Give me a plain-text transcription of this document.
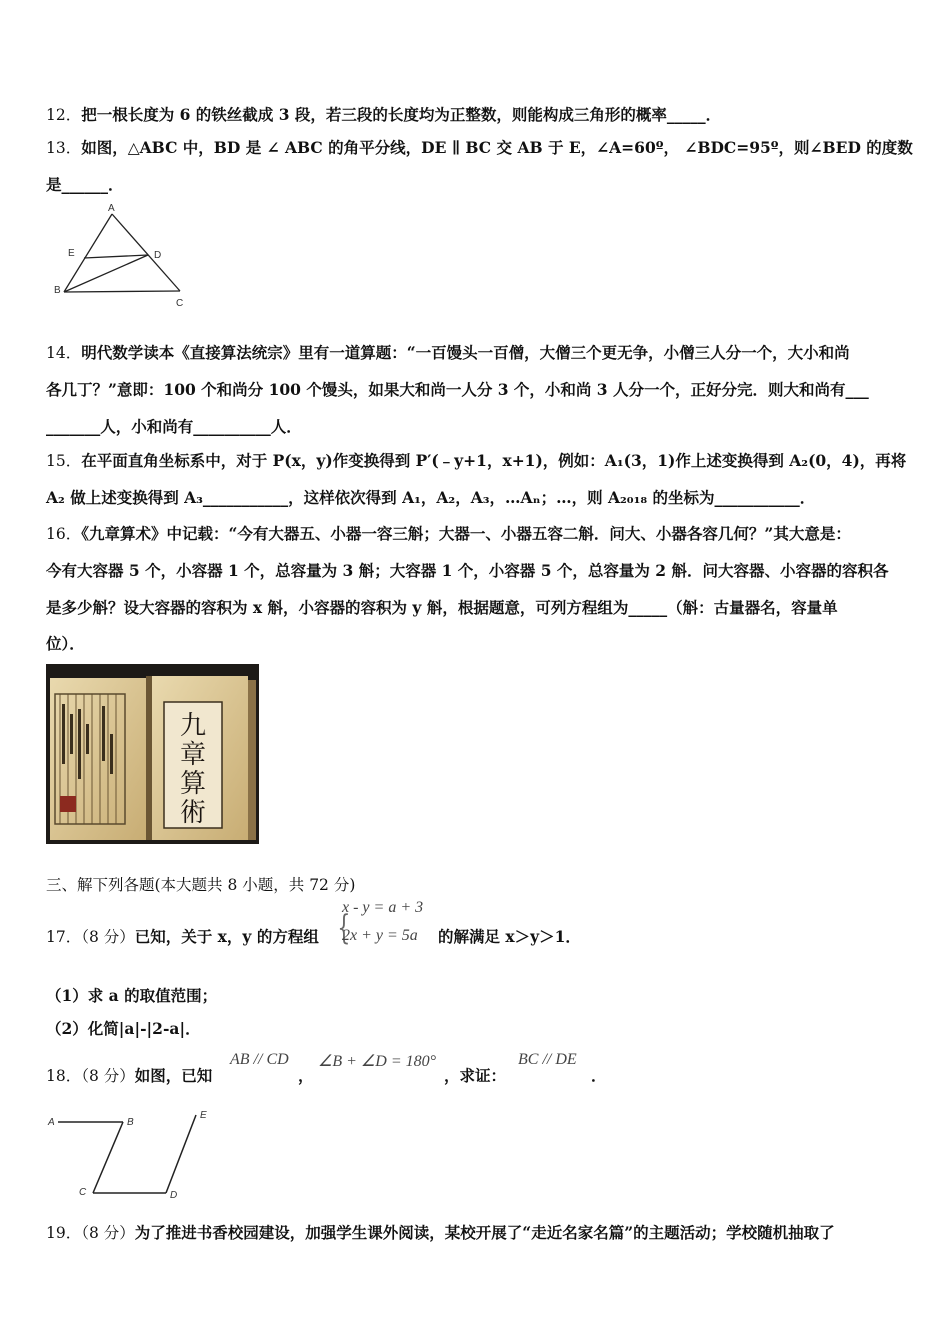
12．把一根长度为 6 的铁丝截成 3 段，若三段的长度均为正整数，则能构成三角形的概率_____．
13．如图，△ABC 中，BD 是 ∠ ABC 的角平分线，DE ∥ BC 交 AB 于 E，∠A=60º， ∠BDC=95º，则∠BED 的度数
是______．
A
E	D
B
C
14．明代数学读本《直接算法统宗》里有一道算题：“一百馒头一百僧，大僧三个更无争，小僧三人分一个，大小和尚
各几丁？”意即：100 个和尚分 100 个馒头，如果大和尚一人分 3 个，小和尚 3 人分一个，正好分完．则大和尚有___
_______人，小和尚有__________人．
15．在平面直角坐标系中，对于 P(x，y)作变换得到 P′(﹣y+1，x+1)，例如：A₁(3，1)作上述变换得到 A₂(0，4)，再将
A₂ 做上述变换得到 A₃___________，这样依次得到 A₁，A₂，A₃，…Aₙ；…，则 A₂₀₁₈ 的坐标为___________．
16．《九章算术》中记载：“今有大器五、小器一容三斛；大器一、小器五容二斛．问大、小器各容几何？”其大意是：
今有大容器 5 个，小容器 1 个，总容量为 3 斛；大容器 1 个，小容器 5 个，总容量为 2 斛．问大容器、小容器的容积各
是多少斛？设大容器的容积为 x 斛，小容器的容积为 y 斛，根据题意，可列方程组为_____（斛：古量器名，容量单
位）．
九章算術
三、解下列各题(本大题共 8 小题，共 72 分)
17．（8 分）已知，关于 x，y 的方程组 {
x - y = a + 3
2x + y = 5a 的解满足 x＞y＞1．
（1）求 a 的取值范围；
（2）化简|a|-|2-a|．
18．（8 分）如图，已知
AB // CD
，
∠B + ∠D = 180°
，求证：
BC // DE
．
A	B
C	D
E
19．（8 分）为了推进书香校园建设，加强学生课外阅读，某校开展了“走近名家名篇”的主题活动；学校随机抽取了
